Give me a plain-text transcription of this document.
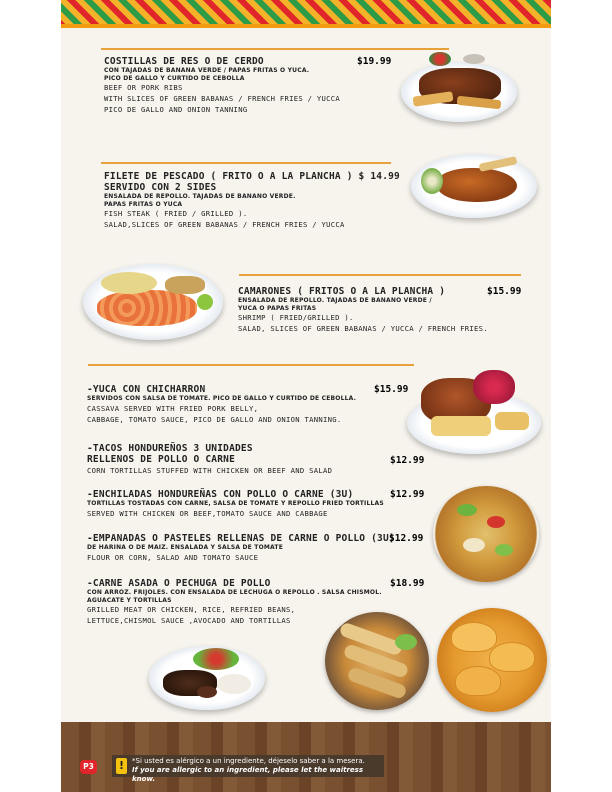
COSTILLAS DE RES O DE CERDO
CON TAJADAS DE BANANA VERDE / PAPAS FRITAS O YUCA.
PICO DE GALLO Y CURTIDO DE CEBOLLA
BEEF OR PORK RIBS
WITH SLICES OF GREEN BABANAS / FRENCH FRIES / YUCCA
PICO DE GALLO AND ONION TANNING
$19.99
FILETE DE PESCADO ( FRITO O A LA PLANCHA ) $ 14.99
SERVIDO CON 2 SIDES
ENSALADA DE REPOLLO. TAJADAS DE BANANO VERDE.
PAPAS FRITAS O YUCA
FISH STEAK ( FRIED / GRILLED ).
SALAD,SLICES OF GREEN BABANAS / FRENCH FRIES / YUCCA
CAMARONES ( FRITOS O A LA PLANCHA )
ENSALADA DE REPOLLO. TAJADAS DE BANANO VERDE /
YUCA O PAPAS FRITAS
SHRIMP ( FRIED/GRILLED ).
SALAD, SLICES OF GREEN BABANAS / YUCCA / FRENCH FRIES.
$15.99
-YUCA CON CHICHARRON
SERVIDOS CON SALSA DE TOMATE. PICO DE GALLO Y CURTIDO DE CEBOLLA.
CASSAVA SERVED WITH FRIED PORK BELLY,
CABBAGE, TOMATO SAUCE, PICO DE GALLO AND ONION TANNING.
$15.99
-TACOS HONDUREÑOS 3 UNIDADES
RELLENOS DE POLLO O CARNE
CORN TORTILLAS STUFFED WITH CHICKEN OR BEEF AND SALAD
$12.99
-ENCHILADAS HONDUREÑAS CON POLLO O CARNE (3U)
TORTILLAS TOSTADAS CON CARNE, SALSA DE TOMATE Y REPOLLO FRIED TORTILLAS
SERVED WITH CHICKEN OR BEEF,TOMATO SAUCE AND CABBAGE
$12.99
-EMPANADAS O PASTELES RELLENAS DE CARNE O POLLO (3U)
DE HARINA O DE MAIZ. ENSALADA Y SALSA DE TOMATE
FLOUR OR CORN, SALAD AND TOMATO SAUCE
$12.99
-CARNE ASADA O PECHUGA DE POLLO
CON ARROZ. FRIJOLES. CON ENSALADA DE LECHUGA O REPOLLO . SALSA CHISMOL.
AGUACATE Y TORTILLAS
GRILLED MEAT OR CHICKEN, RICE, REFRIED BEANS,
LETTUCE,CHISMOL SAUCE ,AVOCADO AND TORTILLAS
$18.99
P3 !	*Si usted es alérgico a un ingrediente, déjeselo saber a la mesera.
If you are allergic to an ingredient, please let the waitress know.
